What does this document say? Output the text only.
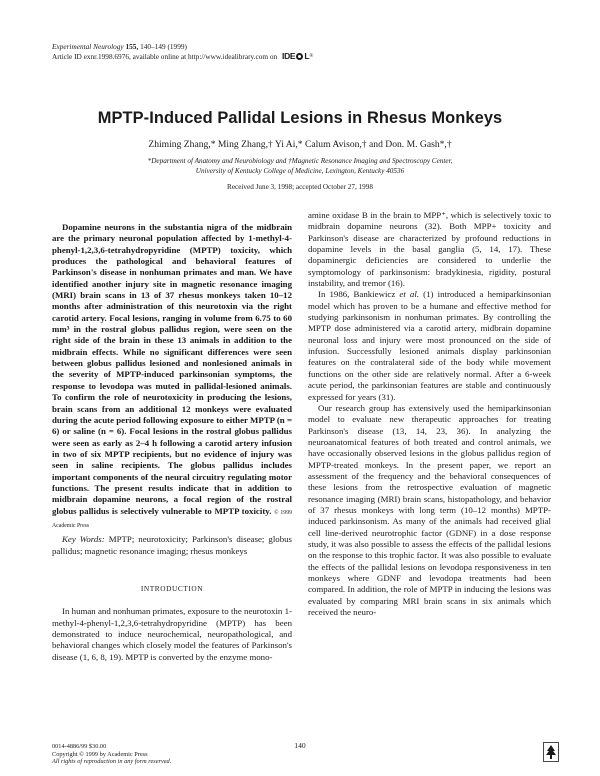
Experimental Neurology 155, 140–149 (1999)
Article ID exnr.1998.6976, available online at http://www.idealibrary.com on IDE L ®
MPTP-Induced Pallidal Lesions in Rhesus Monkeys
Zhiming Zhang,* Ming Zhang,† Yi Ai,* Calum Avison,† and Don. M. Gash*,†
*Department of Anatomy and Neurobiology and †Magnetic Resonance Imaging and Spectroscopy Center,
University of Kentucky College of Medicine, Lexington, Kentucky 40536
Received June 3, 1998; accepted October 27, 1998

Dopamine neurons in the substantia nigra of the midbrain are the primary neuronal population affected by 1-methyl-4-phenyl-1,2,3,6-tetrahydropyridine (MPTP) toxicity, which produces the pathological and behavioral features of Parkinson's disease in nonhuman primates and man. We have identified another injury site in magnetic resonance imaging (MRI) brain scans in 13 of 37 rhesus monkeys taken 10–12 months after administration of this neurotoxin via the right carotid artery. Focal lesions, ranging in volume from 6.75 to 60 mm³ in the rostral globus pallidus region, were seen on the right side of the brain in these 13 animals in addition to the midbrain effects. While no significant differences were seen between globus pallidus lesioned and nonlesioned animals in the severity of MPTP-induced parkinsonian symptoms, the response to levodopa was muted in pallidal-lesioned animals. To confirm the role of neurotoxicity in producing the lesions, brain scans from an additional 12 monkeys were evaluated during the acute period following exposure to either MPTP (n = 6) or saline (n = 6). Focal lesions in the rostral globus pallidus were seen as early as 2–4 h following a carotid artery infusion in two of six MPTP recipients, but no evidence of injury was seen in saline recipients. The globus pallidus includes important components of the neural circuitry regulating motor functions. The present results indicate that in addition to midbrain dopamine neurons, a focal region of the rostral globus pallidus is selectively vulnerable to MPTP toxicity. © 1999 Academic Press

Key Words: MPTP; neurotoxicity; Parkinson's disease; globus pallidus; magnetic resonance imaging; rhesus monkeys

INTRODUCTION

In human and nonhuman primates, exposure to the neurotoxin 1-methyl-4-phenyl-1,2,3,6-tetrahydropyridine (MPTP) has been demonstrated to induce neurochemical, neuropathological, and behavioral changes which closely model the features of Parkinson's disease (1, 6, 8, 19). MPTP is converted by the enzyme mono-

amine oxidase B in the brain to MPP⁺, which is selectively toxic to midbrain dopamine neurons (32). Both MPP+ toxicity and Parkinson's disease are characterized by profound reductions in dopamine levels in the basal ganglia (5, 14, 17). These dopaminergic deficiencies are considered to underlie the symptomology of parkinsonism: bradykinesia, rigidity, postural instability, and tremor (16).

In 1986, Bankiewicz et al. (1) introduced a hemiparkinsonian model which has proven to be a humane and effective method for studying parkinsonism in nonhuman primates. By controlling the MPTP dose administered via a carotid artery, midbrain dopamine neuronal loss and injury were most pronounced on the side of infusion. Successfully lesioned animals display parkinsonian features on the contralateral side of the body while movement functions on the other side are relatively normal. After a 6-week acute period, the parkinsonian features are stable and continuously expressed for years (31).

Our research group has extensively used the hemiparkinsonian model to evaluate new therapeutic approaches for treating Parkinson's disease (13, 14, 23, 36). In analyzing the neuroanatomical features of both treated and control animals, we have occasionally observed lesions in the globus pallidus region of MPTP-treated monkeys. In the present paper, we report an assessment of the frequency and the behavioral consequences of these lesions from the retrospective evaluation of magnetic resonance imaging (MRI) brain scans, histopathology, and behavior of 37 rhesus monkeys with long term (10–12 months) MPTP-induced parkinsonism. As many of the animals had received glial cell line-derived neurotrophic factor (GDNF) in a dose response study, it was also possible to assess the effects of the pallidal lesions on the response to this trophic factor. It was also possible to evaluate the effects of the pallidal lesions on levodopa responsiveness in ten monkeys where GDNF and levodopa treatments had been compared. In addition, the role of MPTP in inducing the lesions was evaluated by comparing MRI brain scans in six animals which received the neuro-

0014-4886/99 $30.00
Copyright © 1999 by Academic Press
All rights of reproduction in any form reserved.
140
